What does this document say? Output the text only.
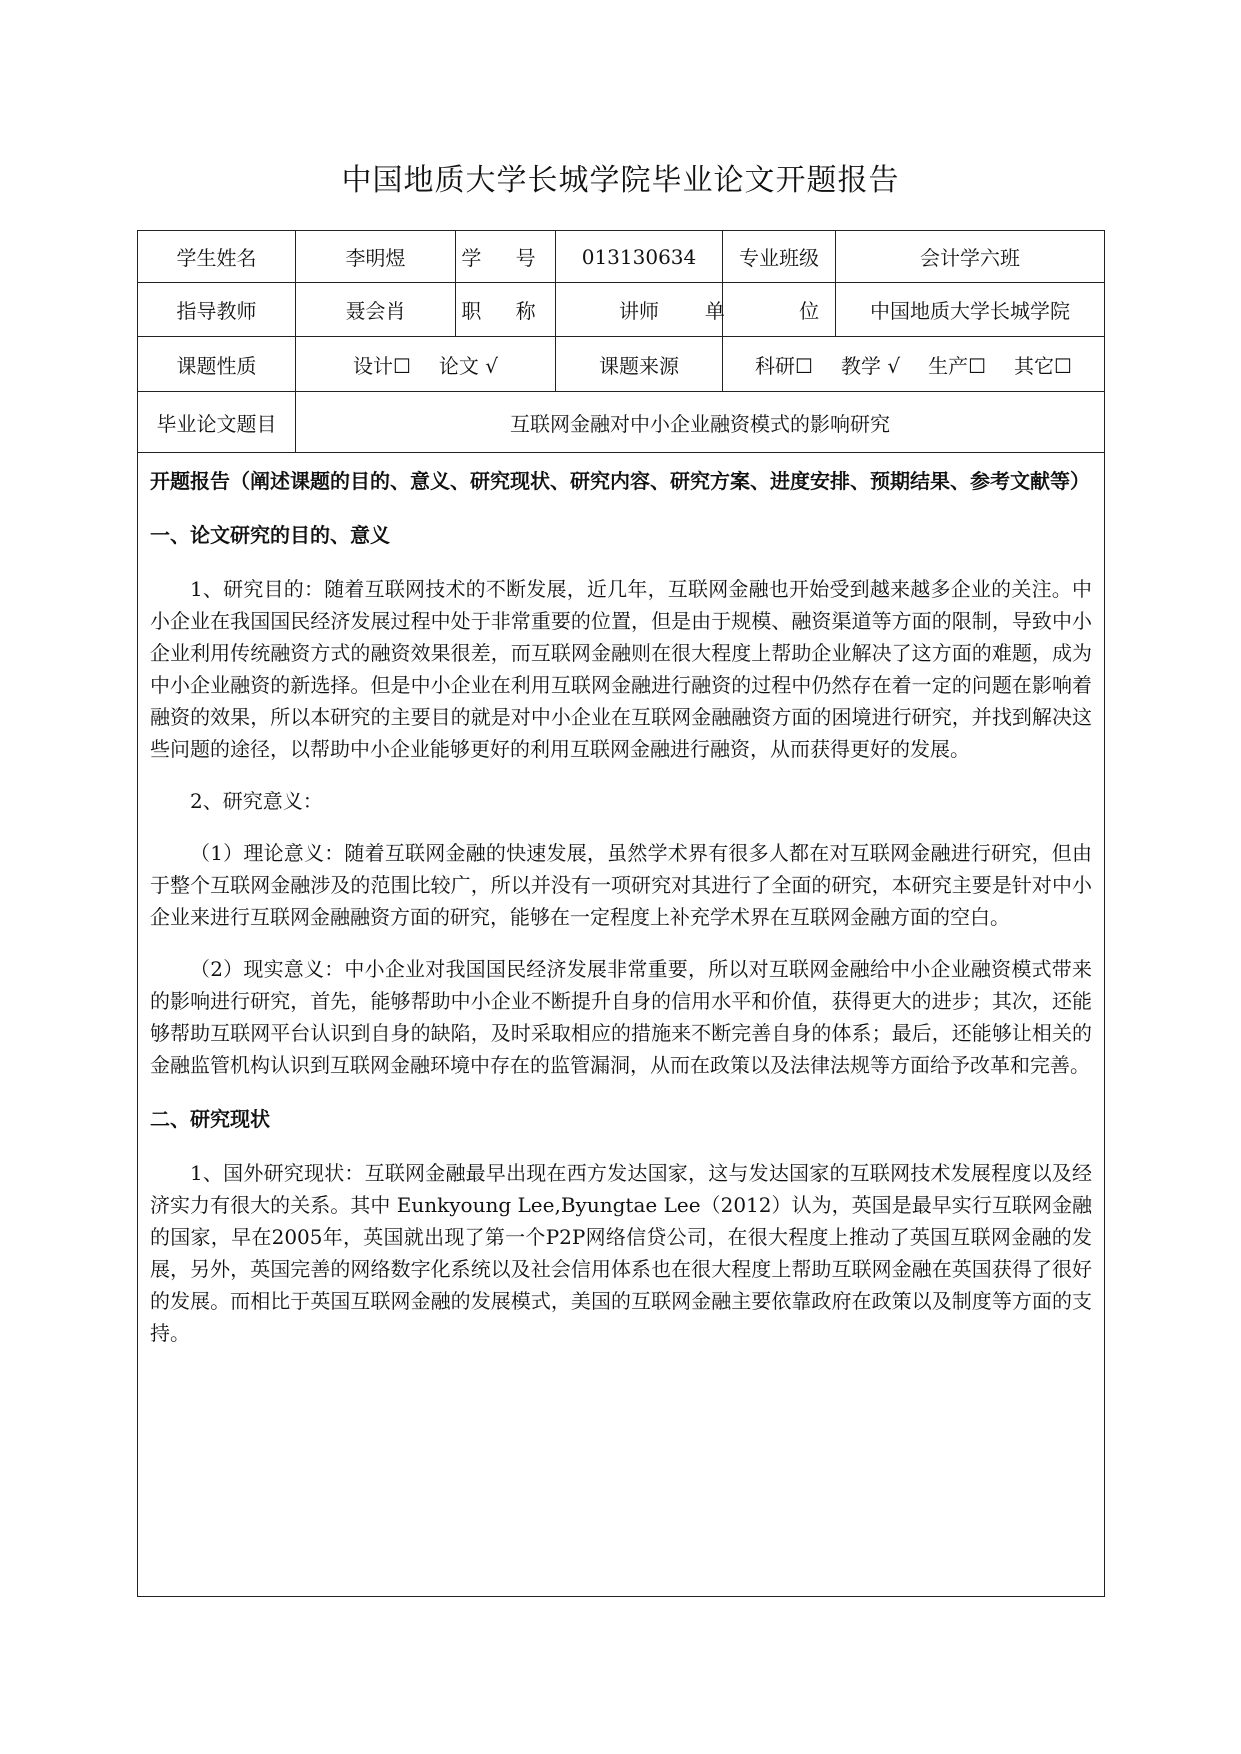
中国地质大学长城学院毕业论文开题报告
学生姓名	李明煜	学 号	013130634	专业班级	会计学六班
指导教师	聂会肖	职 称	讲师	单 位 中国地质大学长城学院
课题性质	设计☐ 论文 √	课题来源	科研☐ 教学 √ 生产☐ 其它☐
毕业论文题目	互联网金融对中小企业融资模式的影响研究
开题报告（阐述课题的目的、意义、研究现状、研究内容、研究方案、进度安排、预期结果、参考文献等）
一、论文研究的目的、意义

1、研究目的：随着互联网技术的不断发展，近几年，互联网金融也开始受到越来越多企业的关注。中小企业在我国国民经济发展过程中处于非常重要的位置，但是由于规模、融资渠道等方面的限制，导致中小企业利用传统融资方式的融资效果很差，而互联网金融则在很大程度上帮助企业解决了这方面的难题，成为中小企业融资的新选择。但是中小企业在利用互联网金融进行融资的过程中仍然存在着一定的问题在影响着融资的效果，所以本研究的主要目的就是对中小企业在互联网金融融资方面的困境进行研究，并找到解决这些问题的途径，以帮助中小企业能够更好的利用互联网金融进行融资，从而获得更好的发展。

2、研究意义：

（1）理论意义：随着互联网金融的快速发展，虽然学术界有很多人都在对互联网金融进行研究，但由于整个互联网金融涉及的范围比较广，所以并没有一项研究对其进行了全面的研究，本研究主要是针对中小企业来进行互联网金融融资方面的研究，能够在一定程度上补充学术界在互联网金融方面的空白。

（2）现实意义：中小企业对我国国民经济发展非常重要，所以对互联网金融给中小企业融资模式带来的影响进行研究，首先，能够帮助中小企业不断提升自身的信用水平和价值，获得更大的进步；其次，还能够帮助互联网平台认识到自身的缺陷，及时采取相应的措施来不断完善自身的体系；最后，还能够让相关的金融监管机构认识到互联网金融环境中存在的监管漏洞，从而在政策以及法律法规等方面给予改革和完善。

二、研究现状

1、国外研究现状：互联网金融最早出现在西方发达国家，这与发达国家的互联网技术发展程度以及经济实力有很大的关系。其中 Eunkyoung Lee,Byungtae Lee（2012）认为，英国是最早实行互联网金融的国家，早在2005年，英国就出现了第一个P2P网络信贷公司，在很大程度上推动了英国互联网金融的发展，另外，英国完善的网络数字化系统以及社会信用体系也在很大程度上帮助互联网金融在英国获得了很好的发展。而相比于英国互联网金融的发展模式，美国的互联网金融主要依靠政府在政策以及制度等方面的支持。
